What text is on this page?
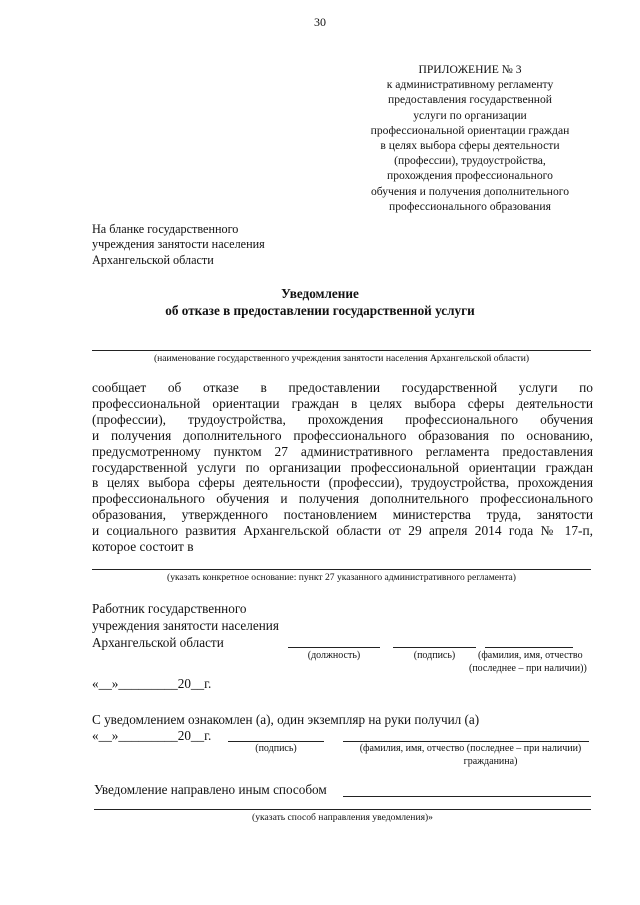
30
ПРИЛОЖЕНИЕ № 3
к административному регламенту
предоставления государственной
услуги по организации
профессиональной ориентации граждан
в целях выбора сферы деятельности
(профессии), трудоустройства,
прохождения профессионального
обучения и получения дополнительного
профессионального образования
На бланке государственного
учреждения занятости населения
Архангельской области
Уведомление
об отказе в предоставлении государственной услуги
(наименование государственного учреждения занятости населения Архангельской области)
сообщает об отказе в предоставлении государственной услуги по
профессиональной ориентации граждан в целях выбора сферы деятельности
(профессии), трудоустройства, прохождения профессионального обучения
и получения дополнительного профессионального образования по основанию,
предусмотренному пунктом 27 административного регламента предоставления
государственной услуги по организации профессиональной ориентации граждан
в целях выбора сферы деятельности (профессии), трудоустройства, прохождения
профессионального обучения и получения дополнительного профессионального
образования, утвержденного постановлением министерства труда, занятости
и социального развития Архангельской области от 29 апреля 2014 года № 17-п,
которое состоит в
(указать конкретное основание: пункт 27 указанного административного регламента)
Работник государственного
учреждения занятости населения
Архангельской области
(должность)	(подпись)	(фамилия, имя, отчество
(последнее – при наличии))
«__»_________20__г.
С уведомлением ознакомлен (а), один экземпляр на руки получил (а)
«__»_________20__г.
(подпись)	(фамилия, имя, отчество (последнее – при наличии)
гражданина)
Уведомление направлено иным способом
(указать способ направления уведомления)»
